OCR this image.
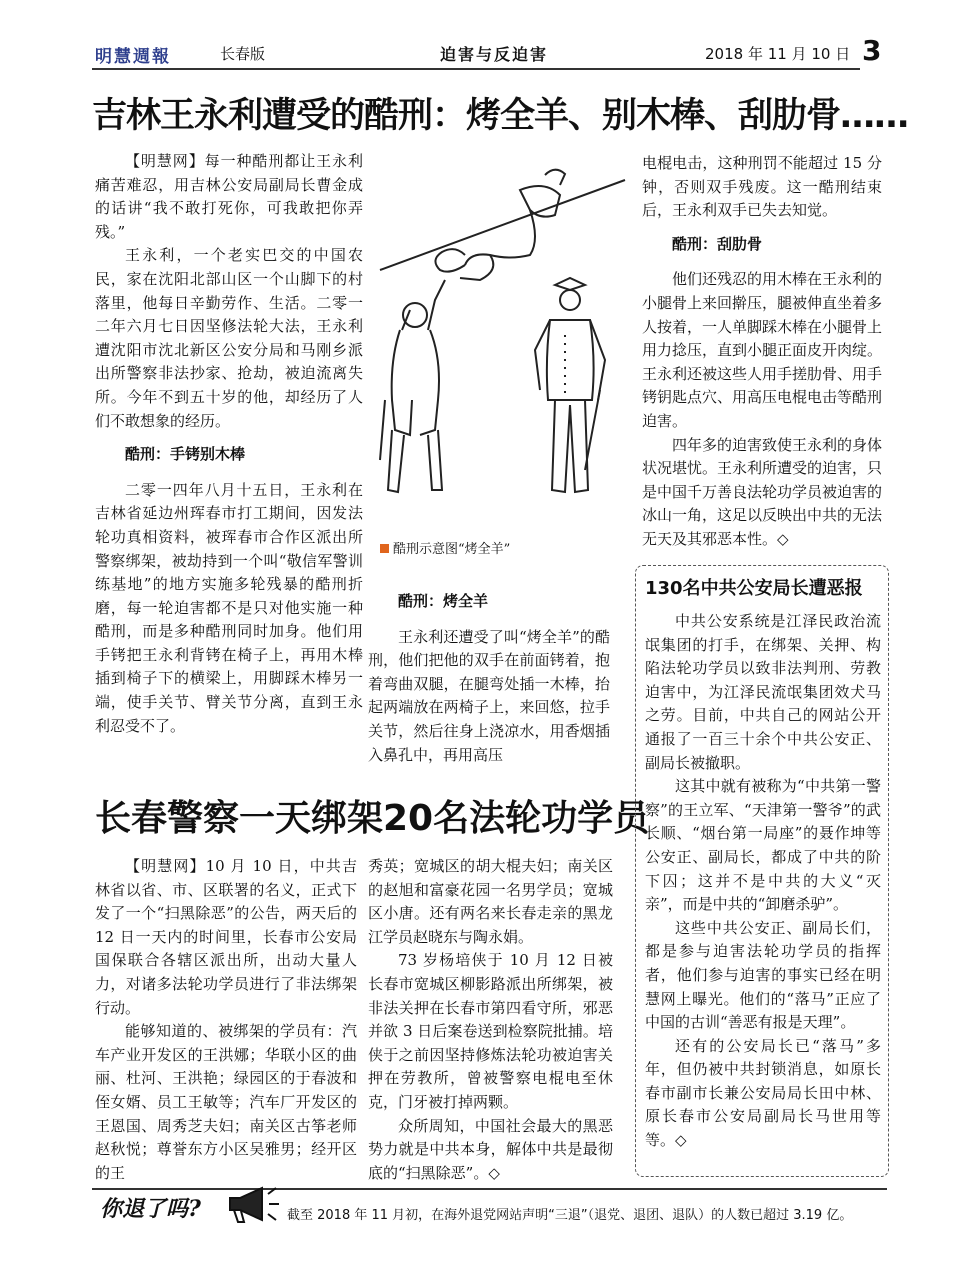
明慧週報	长春版	迫害与反迫害	2018 年 11 月 10 日 3
吉林王永利遭受的酷刑：烤全羊、别木棒、刮肋骨……

【明慧网】每一种酷刑都让王永利痛苦难忍，用吉林公安局副局长曹金成的话讲“我不敢打死你，可我敢把你弄残。”

王永利，一个老实巴交的中国农民，家在沈阳北部山区一个山脚下的村落里，他每日辛勤劳作、生活。二零一二年六月七日因坚修法轮大法，王永利遭沈阳市沈北新区公安分局和马刚乡派出所警察非法抄家、抢劫，被迫流离失所。今年不到五十岁的他，却经历了人们不敢想象的经历。

酷刑：手铐别木棒

二零一四年八月十五日，王永利在吉林省延边州珲春市打工期间，因发法轮功真相资料，被珲春市合作区派出所警察绑架，被劫持到一个叫“敬信军警训练基地”的地方实施多轮残暴的酷刑折磨，每一轮迫害都不是只对他实施一种酷刑，而是多种酷刑同时加身。他们用手铐把王永利背铐在椅子上，再用木棒插到椅子下的横梁上，用脚踩木棒另一端，使手关节、臂关节分离，直到王永利忍受不了。

酷刑示意图“烤全羊”
酷刑：烤全羊

王永利还遭受了叫“烤全羊”的酷刑，他们把他的双手在前面铐着，抱着弯曲双腿，在腿弯处插一木棒，抬起两端放在两椅子上，来回悠，拉手关节，然后往身上浇凉水，用香烟插入鼻孔中，再用高压

电棍电击，这种刑罚不能超过 15 分钟，否则双手残废。这一酷刑结束后，王永利双手已失去知觉。

酷刑：刮肋骨

他们还残忍的用木棒在王永利的小腿骨上来回擀压，腿被伸直坐着多人按着，一人单脚踩木棒在小腿骨上用力捻压，直到小腿正面皮开肉绽。王永利还被这些人用手搓肋骨、用手铐钥匙点穴、用高压电棍电击等酷刑迫害。

四年多的迫害致使王永利的身体状况堪忧。王永利所遭受的迫害，只是中国千万善良法轮功学员被迫害的冰山一角，这足以反映出中共的无法无天及其邪恶本性。◇

长春警察一天绑架20名法轮功学员

【明慧网】10 月 10 日，中共吉林省以省、市、区联署的名义，正式下发了一个“扫黑除恶”的公告，两天后的 12 日一天内的时间里，长春市公安局国保联合各辖区派出所，出动大量人力，对诸多法轮功学员进行了非法绑架行动。

能够知道的、被绑架的学员有：汽车产业开发区的王洪娜；华联小区的曲丽、杜河、王洪艳；绿园区的于春波和侄女婿、员工王敏等；汽车厂开发区的王恩国、周秀芝夫妇；南关区古筝老师赵秋悦；尊誉东方小区吴雅男；经开区的王

秀英；宽城区的胡大棍夫妇；南关区的赵旭和富豪花园一名男学员；宽城区小唐。还有两名来长春走亲的黑龙江学员赵晓东与陶永娟。

73 岁杨培侠于 10 月 12 日被长春市宽城区柳影路派出所绑架，被非法关押在长春市第四看守所，邪恶并欲 3 日后案卷送到检察院批捕。培侠于之前因坚持修炼法轮功被迫害关押在劳教所，曾被警察电棍电至休克，门牙被打掉两颗。

众所周知，中国社会最大的黑恶势力就是中共本身，解体中共是最彻底的“扫黑除恶”。◇

130名中共公安局长遭恶报

中共公安系统是江泽民政治流氓集团的打手，在绑架、关押、构陷法轮功学员以致非法判刑、劳教迫害中，为江泽民流氓集团效犬马之劳。目前，中共自己的网站公开通报了一百三十余个中共公安正、副局长被撤职。

这其中就有被称为“中共第一警察”的王立军、“天津第一警爷”的武长顺、“烟台第一局座”的聂作坤等公安正、副局长，都成了中共的阶下囚；这并不是中共的大义“灭亲”，而是中共的“卸磨杀驴”。

这些中共公安正、副局长们，都是参与迫害法轮功学员的指挥者，他们参与迫害的事实已经在明慧网上曝光。他们的“落马”正应了中国的古训“善恶有报是天理”。

还有的公安局长已“落马”多年，但仍被中共封锁消息，如原长春市副市长兼公安局局长田中林、原长春市公安局副局长马世用等等。◇

你退了吗?	截至 2018 年 11 月初，在海外退党网站声明“三退”（退党、退团、退队）的人数已超过 3.19 亿。
